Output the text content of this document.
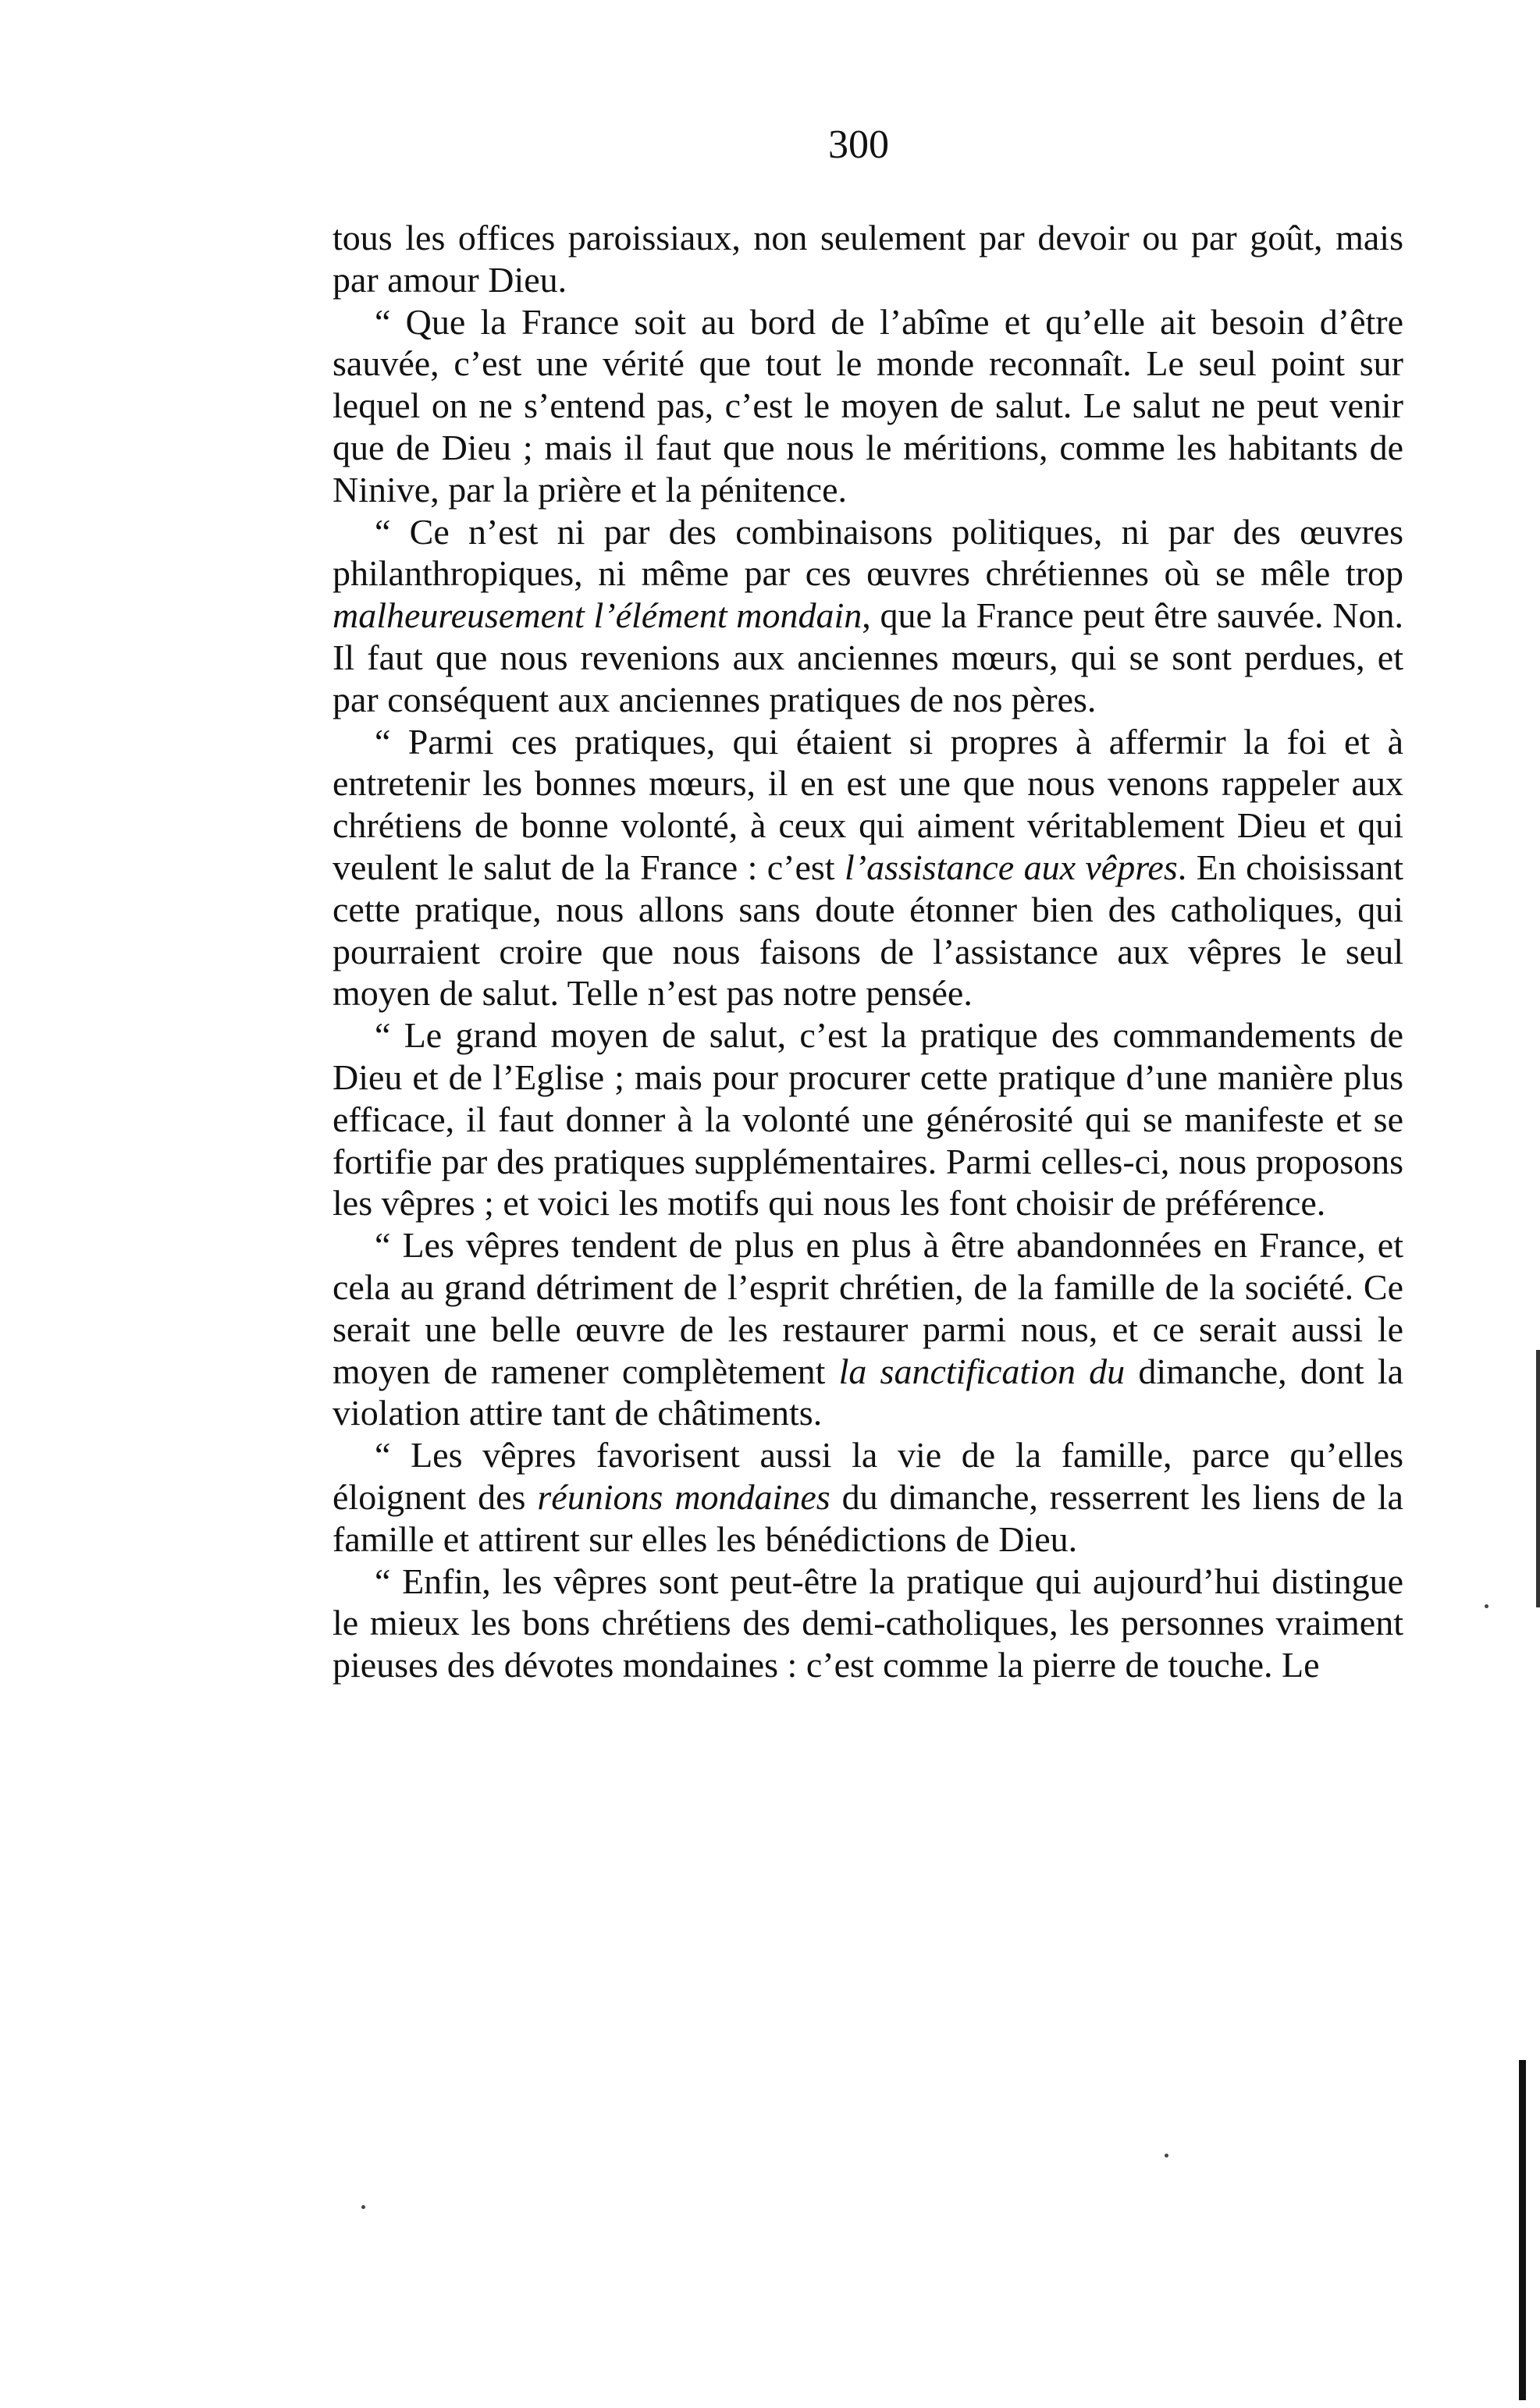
300

tous les offices paroissiaux, non seulement par devoir ou par goût, mais par amour Dieu.

“ Que la France soit au bord de l’abîme et qu’elle ait besoin d’être sauvée, c’est une vérité que tout le monde reconnaît. Le seul point sur lequel on ne s’entend pas, c’est le moyen de salut. Le salut ne peut venir que de Dieu ; mais il faut que nous le méritions, comme les habitants de Ninive, par la prière et la pénitence.

“ Ce n’est ni par des combinaisons politiques, ni par des œuvres philanthropiques, ni même par ces œuvres chrétiennes où se mêle trop malheureusement l’élément mondain, que la France peut être sauvée. Non. Il faut que nous revenions aux anciennes mœurs, qui se sont perdues, et par conséquent aux anciennes pratiques de nos pères.

“ Parmi ces pratiques, qui étaient si propres à affermir la foi et à entretenir les bonnes mœurs, il en est une que nous venons rappeler aux chrétiens de bonne volonté, à ceux qui aiment véritablement Dieu et qui veulent le salut de la France : c’est l’assistance aux vêpres. En choisissant cette pratique, nous allons sans doute étonner bien des catholiques, qui pourraient croire que nous faisons de l’assistance aux vêpres le seul moyen de salut. Telle n’est pas notre pensée.

“ Le grand moyen de salut, c’est la pratique des commandements de Dieu et de l’Eglise ; mais pour procurer cette pratique d’une manière plus efficace, il faut donner à la volonté une générosité qui se manifeste et se fortifie par des pratiques supplémentaires. Parmi celles-ci, nous proposons les vêpres ; et voici les motifs qui nous les font choisir de préférence.

“ Les vêpres tendent de plus en plus à être abandonnées en France, et cela au grand détriment de l’esprit chrétien, de la famille de la société. Ce serait une belle œuvre de les restaurer parmi nous, et ce serait aussi le moyen de ramener complètement la sanctification du dimanche, dont la violation attire tant de châtiments.

“ Les vêpres favorisent aussi la vie de la famille, parce qu’elles éloignent des réunions mondaines du dimanche, resserrent les liens de la famille et attirent sur elles les bénédictions de Dieu.

“ Enfin, les vêpres sont peut-être la pratique qui aujourd’hui distingue le mieux les bons chrétiens des demi-catholiques, les personnes vraiment pieuses des dévotes mondaines : c’est comme la pierre de touche. Le
